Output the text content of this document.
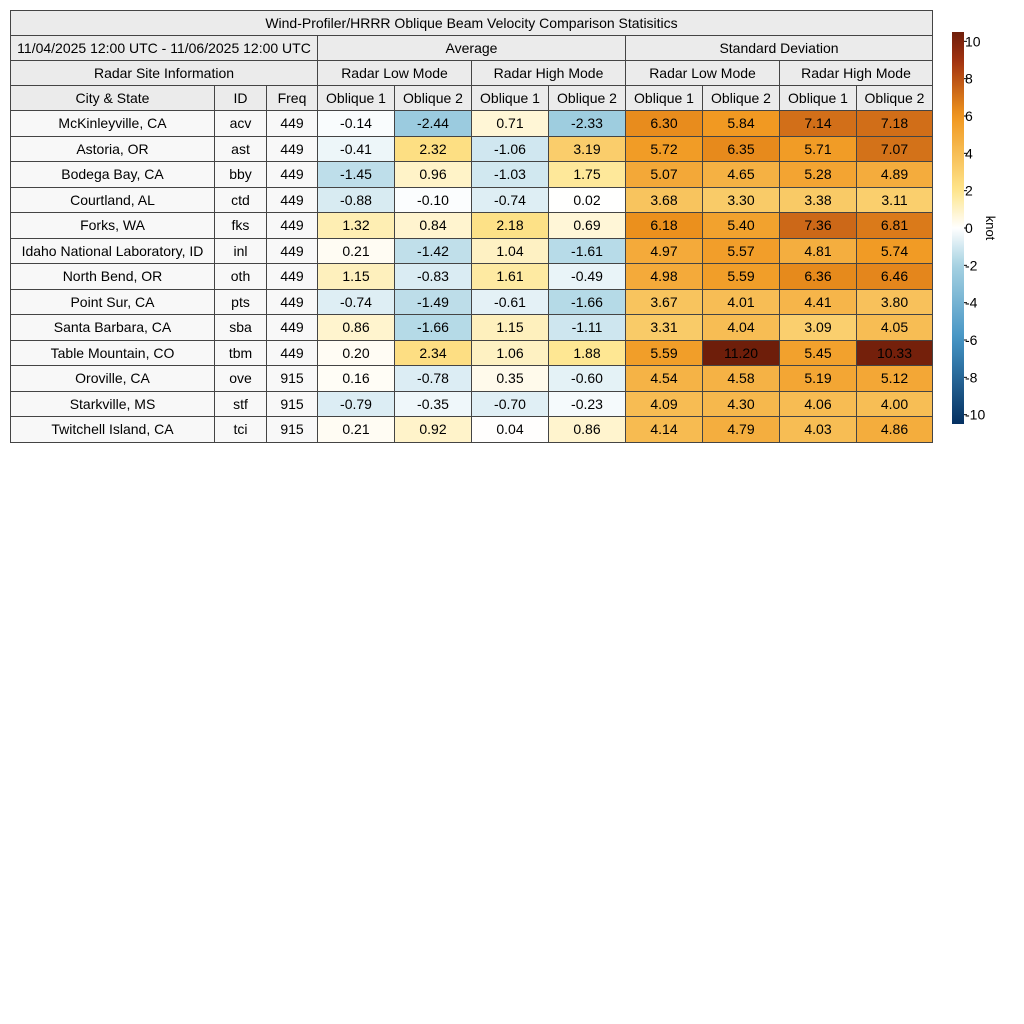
Wind-Profiler/HRRR Oblique Beam Velocity Comparison Statisitics										
11/04/2025 12:00 UTC - 11/06/2025 12:00 UTC			Average				Standard Deviation			
Radar Site Information			Radar Low Mode		Radar High Mode		Radar Low Mode		Radar High Mode	
City & State	ID	Freq	Oblique 1	Oblique 2	Oblique 1	Oblique 2	Oblique 1	Oblique 2	Oblique 1	Oblique 2
McKinleyville, CA	acv	449	-0.14	-2.44	0.71	-2.33	6.30	5.84	7.14	7.18
Astoria, OR	ast	449	-0.41	2.32	-1.06	3.19	5.72	6.35	5.71	7.07
Bodega Bay, CA	bby	449	-1.45	0.96	-1.03	1.75	5.07	4.65	5.28	4.89
Courtland, AL	ctd	449	-0.88	-0.10	-0.74	0.02	3.68	3.30	3.38	3.11
Forks, WA	fks	449	1.32	0.84	2.18	0.69	6.18	5.40	7.36	6.81
Idaho National Laboratory, ID	inl	449	0.21	-1.42	1.04	-1.61	4.97	5.57	4.81	5.74
North Bend, OR	oth	449	1.15	-0.83	1.61	-0.49	4.98	5.59	6.36	6.46
Point Sur, CA	pts	449	-0.74	-1.49	-0.61	-1.66	3.67	4.01	4.41	3.80
Santa Barbara, CA	sba	449	0.86	-1.66	1.15	-1.11	3.31	4.04	3.09	4.05
Table Mountain, CO	tbm	449	0.20	2.34	1.06	1.88	5.59	11.20	5.45	10.33
Oroville, CA	ove	915	0.16	-0.78	0.35	-0.60	4.54	4.58	5.19	5.12
Starkville, MS	stf	915	-0.79	-0.35	-0.70	-0.23	4.09	4.30	4.06	4.00
Twitchell Island, CA	tci	915	0.21	0.92	0.04	0.86	4.14	4.79	4.03	4.86
10
8
6
4
2
0
-2
-4
-6
-8
-10
knot
